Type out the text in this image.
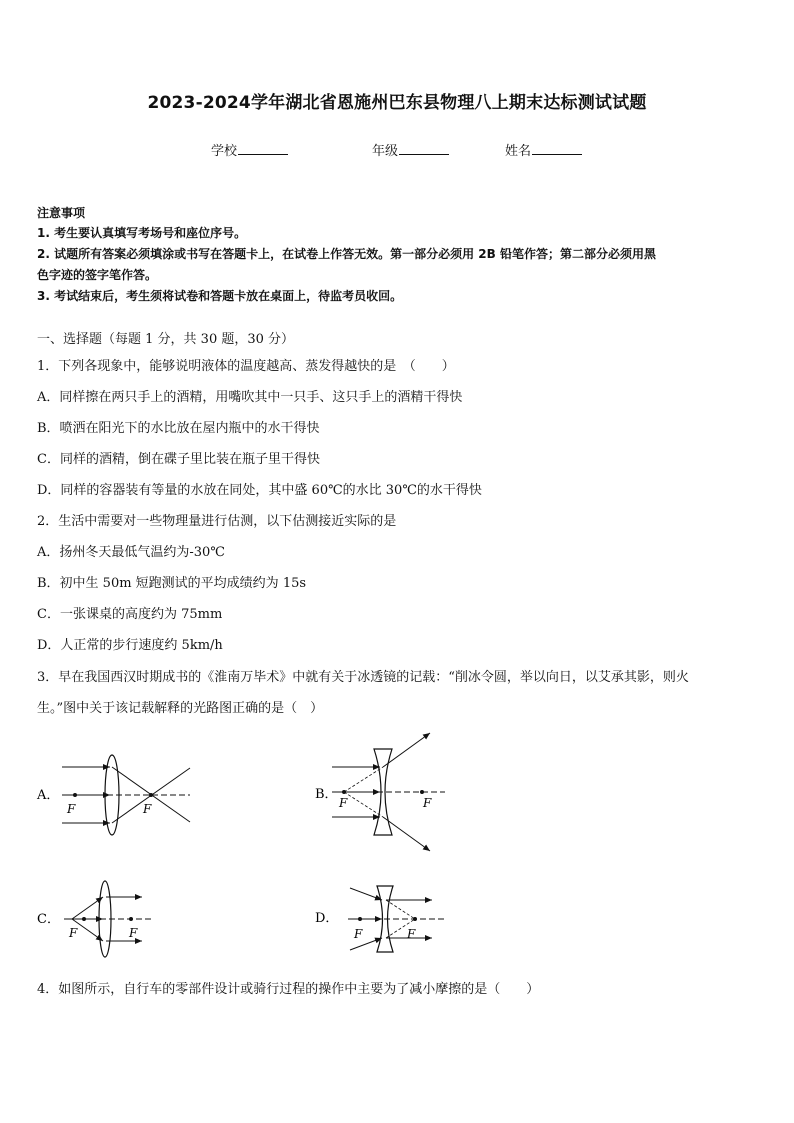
2023-2024学年湖北省恩施州巴东县物理八上期末达标测试试题
学校	年级	姓名
注意事项
1. 考生要认真填写考场号和座位序号。
2. 试题所有答案必须填涂或书写在答题卡上，在试卷上作答无效。第一部分必须用 2B 铅笔作答；第二部分必须用黑
色字迹的签字笔作答。
3. 考试结束后，考生须将试卷和答题卡放在桌面上，待监考员收回。
一、选择题（每题 1 分，共 30 题，30 分）
1．下列各现象中，能够说明液体的温度越高、蒸发得越快的是　（　　）
A．同样擦在两只手上的酒精，用嘴吹其中一只手、这只手上的酒精干得快
B．喷洒在阳光下的水比放在屋内瓶中的水干得快
C．同样的酒精，倒在碟子里比装在瓶子里干得快
D．同样的容器装有等量的水放在同处，其中盛 60℃的水比 30℃的水干得快
2．生活中需要对一些物理量进行估测，以下估测接近实际的是
A．扬州冬天最低气温约为-30℃
B．初中生 50m 短跑测试的平均成绩约为 15s
C．一张课桌的高度约为 75mm
D．人正常的步行速度约 5km/h
3．早在我国西汉时期成书的《淮南万毕术》中就有关于冰透镜的记载：“削冰令圆，举以向日，以艾承其影，则火
生。”图中关于该记载解释的光路图正确的是（　）
A．
F	F
B．
F	F
C．
F	F
D．
F	F
4．如图所示，自行车的零部件设计或骑行过程的操作中主要为了减小摩擦的是（　　）
